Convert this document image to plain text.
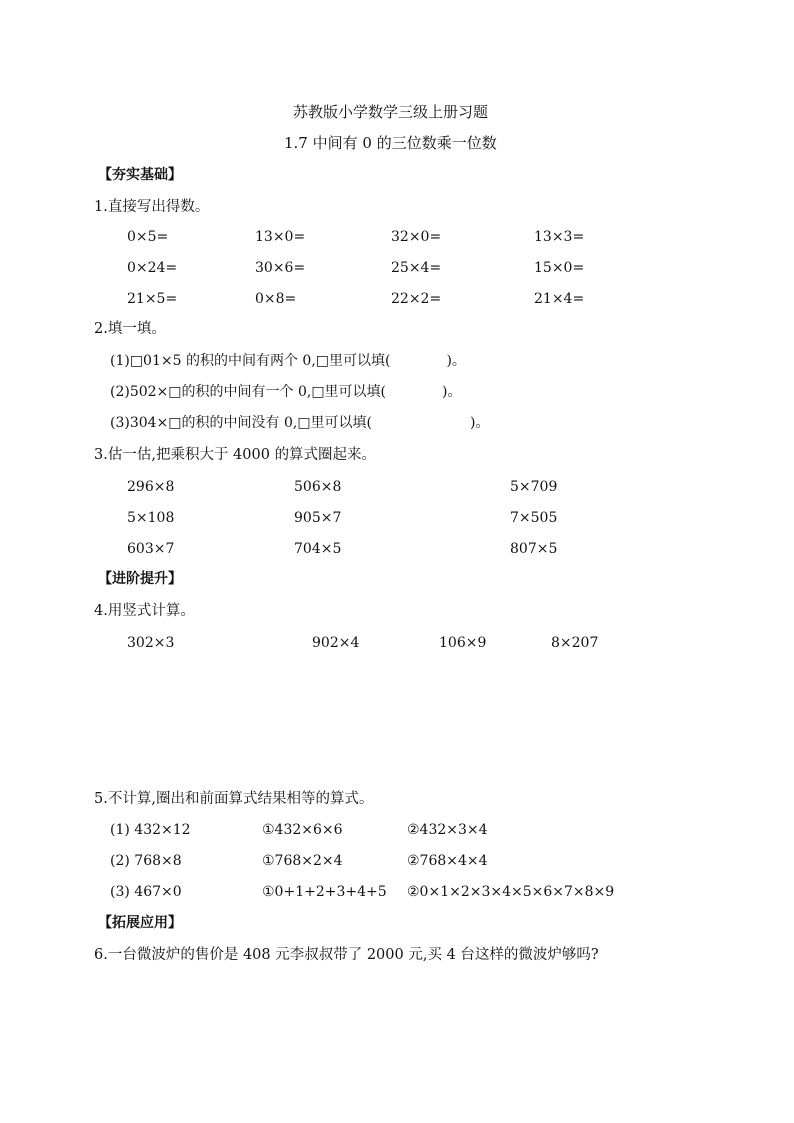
苏教版小学数学三级上册习题
1.7 中间有 0 的三位数乘一位数
【夯实基础】
1.直接写出得数。
0×5=	13×0=	32×0=	13×3=
0×24=	30×6=	25×4=	15×0=
21×5=	0×8=	22×2=	21×4=
2.填一填。
(1)□01×5 的积的中间有两个 0,□里可以填(　　　　)。
(2)502×□的积的中间有一个 0,□里可以填(　　　　)。
(3)304×□的积的中间没有 0,□里可以填(　　　　　　　)。
3.估一估,把乘积大于 4000 的算式圈起来。
296×8	506×8	5×709
5×108	905×7	7×505
603×7	704×5	807×5
【进阶提升】
4.用竖式计算。
302×3	902×4	106×9	8×207
5.不计算,圈出和前面算式结果相等的算式。
(1) 432×12	①432×6×6	②432×3×4
(2) 768×8	①768×2×4	②768×4×4
(3) 467×0	①0+1+2+3+4+5 ②0×1×2×3×4×5×6×7×8×9
【拓展应用】
6.一台微波炉的售价是 408 元李叔叔带了 2000 元,买 4 台这样的微波炉够吗?
